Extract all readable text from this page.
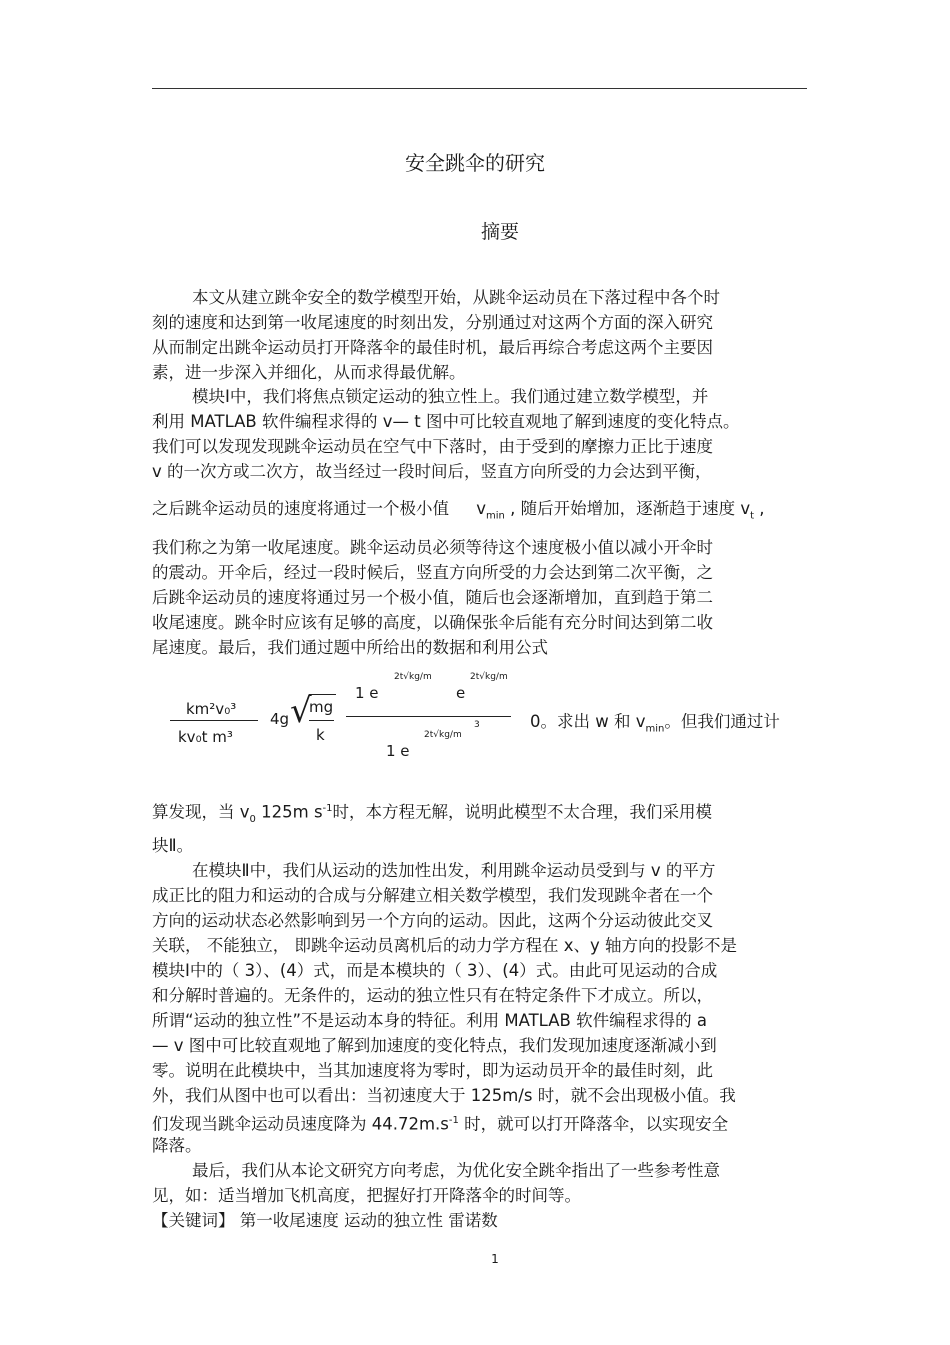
安全跳伞的研究
摘要
本文从建立跳伞安全的数学模型开始，从跳伞运动员在下落过程中各个时
刻的速度和达到第一收尾速度的时刻出发，分别通过对这两个方面的深入研究
从而制定出跳伞运动员打开降落伞的最佳时机，最后再综合考虑这两个主要因
素，进一步深入并细化，从而求得最优解。
模块Ⅰ中，我们将焦点锁定运动的独立性上。我们通过建立数学模型，并
利用 MATLAB 软件编程求得的 v— t 图中可比较直观地了解到速度的变化特点。
我们可以发现发现跳伞运动员在空气中下落时，由于受到的摩擦力正比于速度
v 的一次方或二次方，故当经过一段时间后，竖直方向所受的力会达到平衡，
之后跳伞运动员的速度将通过一个极小值 $v_{min}$ , 随后开始增加，逐渐趋于速度 $v_t$ ,
我们称之为第一收尾速度。跳伞运动员必须等待这个速度极小值以减小开伞时
的震动。开伞后，经过一段时候后，竖直方向所受的力会达到第二次平衡，之
后跳伞运动员的速度将通过另一个极小值，随后也会逐渐增加，直到趋于第二
收尾速度。跳伞时应该有足够的高度，以确保张伞后能有充分时间达到第二收
尾速度。最后，我们通过题中所给出的数据和利用公式
km²v₀³
kv₀t m³
4g √
mg
k
1 e
2t√kg/m
e
2t√kg/m
3
1 e
2t√kg/m
0。求出 w 和 $v_{min}$。但我们通过计
算发现，当 $v_0$ 125m $s^{-1}$时，本方程无解，说明此模型不太合理，我们采用模
块Ⅱ。
在模块Ⅱ中，我们从运动的迭加性出发，利用跳伞运动员受到与 v 的平方
成正比的阻力和运动的合成与分解建立相关数学模型，我们发现跳伞者在一个
方向的运动状态必然影响到另一个方向的运动。因此，这两个分运动彼此交叉
关联， 不能独立， 即跳伞运动员离机后的动力学方程在 x、y 轴方向的投影不是
模块Ⅰ中的（ 3）、(4）式，而是本模块的（ 3）、(4）式。由此可见运动的合成
和分解时普遍的。无条件的，运动的独立性只有在特定条件下才成立。所以，
所谓“运动的独立性”不是运动本身的特征。利用 MATLAB 软件编程求得的 a
— v 图中可比较直观地了解到加速度的变化特点，我们发现加速度逐渐减小到
零。说明在此模块中，当其加速度将为零时，即为运动员开伞的最佳时刻，此
外，我们从图中也可以看出：当初速度大于 125m/s 时，就不会出现极小值。我
们发现当跳伞运动员速度降为 $44.72m.s^{-1}$ 时，就可以打开降落伞，以实现安全
降落。
最后，我们从本论文研究方向考虑，为优化安全跳伞指出了一些参考性意
见，如：适当增加飞机高度，把握好打开降落伞的时间等。
【关键词】 第一收尾速度 运动的独立性 雷诺数
1
